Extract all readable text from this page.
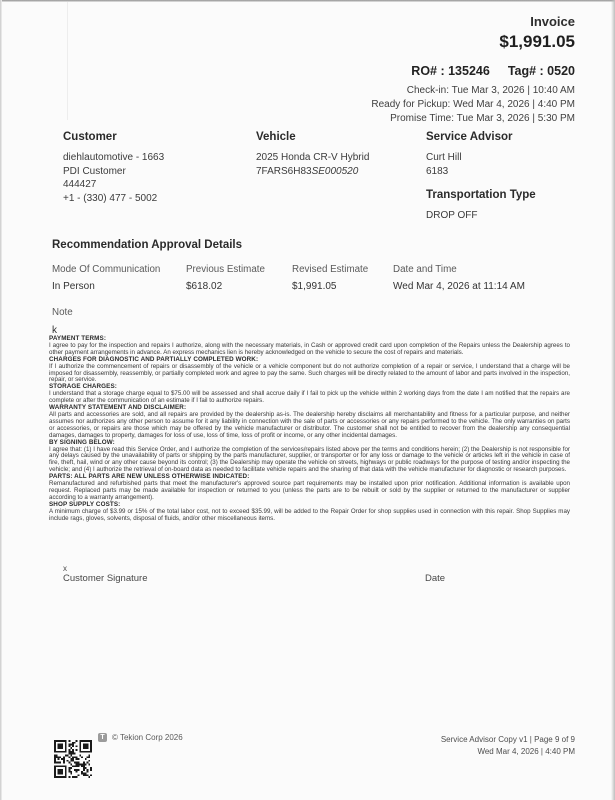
Invoice
$1,991.05
RO# : 135246 Tag# : 0520
Check-in: Tue Mar 3, 2026 | 10:40 AM
Ready for Pickup: Wed Mar 4, 2026 | 4:40 PM
Promise Time: Tue Mar 3, 2026 | 5:30 PM
Customer
diehlautomotive - 1663
PDI Customer
444427
+1 - (330) 477 - 5002
Vehicle
2025 Honda CR-V Hybrid
7FARS6H83SE000520
Service Advisor
Curt Hill
6183
Transportation Type
DROP OFF
Recommendation Approval Details
Mode Of Communication
In Person
Previous Estimate
$618.02
Revised Estimate
$1,991.05
Date and Time
Wed Mar 4, 2026 at 11:14 AM
Note
k
PAYMENT TERMS:
I agree to pay for the inspection and repairs I authorize, along with the necessary materials, in Cash or approved credit card upon completion of the Repairs unless the Dealership agrees to other payment arrangements in advance. An express mechanics lien is hereby acknowledged on the vehicle to secure the cost of repairs and materials.
CHARGES FOR DIAGNOSTIC AND PARTIALLY COMPLETED WORK:
If I authorize the commencement of repairs or disassembly of the vehicle or a vehicle component but do not authorize completion of a repair or service, I understand that a charge will be imposed for disassembly, reassembly, or partially completed work and agree to pay the same. Such charges will be directly related to the amount of labor and parts involved in the inspection, repair, or service.
STORAGE CHARGES:
I understand that a storage charge equal to $75.00 will be assessed and shall accrue daily if I fail to pick up the vehicle within 2 working days from the date I am notified that the repairs are complete or after the communication of an estimate if I fail to authorize repairs.
WARRANTY STATEMENT AND DISCLAIMER:
All parts and accessories are sold, and all repairs are provided by the dealership as-is. The dealership hereby disclaims all merchantability and fitness for a particular purpose, and neither assumes nor authorizes any other person to assume for it any liability in connection with the sale of parts or accessories or any repairs performed to the vehicle. The only warranties on parts or accessories, or repairs are those which may be offered by the vehicle manufacturer or distributor. The customer shall not be entitled to recover from the dealership any consequential damages, damages to property, damages for loss of use, loss of time, loss of profit or income, or any other incidental damages.
BY SIGNING BELOW:
I agree that: (1) I have read this Service Order, and I authorize the completion of the services/repairs listed above per the terms and conditions herein; (2) the Dealership is not responsible for any delays caused by the unavailability of parts or shipping by the parts manufacturer, supplier, or transporter or for any loss or damage to the vehicle or articles left in the vehicle in case of fire, theft, hail, wind or any other cause beyond its control; (3) the Dealership may operate the vehicle on streets, highways or public roadways for the purpose of testing and/or inspecting the vehicle; and (4) I authorize the retrieval of on-board data as needed to facilitate vehicle repairs and the sharing of that data with the vehicle manufacturer for diagnostic or research purposes.
PARTS: ALL PARTS ARE NEW UNLESS OTHERWISE INDICATED:
Remanufactured and refurbished parts that meet the manufacturer's approved source part requirements may be installed upon prior notification. Additional information is available upon request. Replaced parts may be made available for inspection or returned to you (unless the parts are to be rebuilt or sold by the supplier or returned to the manufacturer or supplier according to a warranty arrangement).
SHOP SUPPLY COSTS:
A minimum charge of $3.99 or 15% of the total labor cost, not to exceed $35.99, will be added to the Repair Order for shop supplies used in connection with this repair. Shop Supplies may include rags, gloves, solvents, disposal of fluids, and/or other miscellaneous items.
x
Customer Signature	Date
T © Tekion Corp 2026	Service Advisor Copy v1 | Page 9 of 9
Wed Mar 4, 2026 | 4:40 PM
